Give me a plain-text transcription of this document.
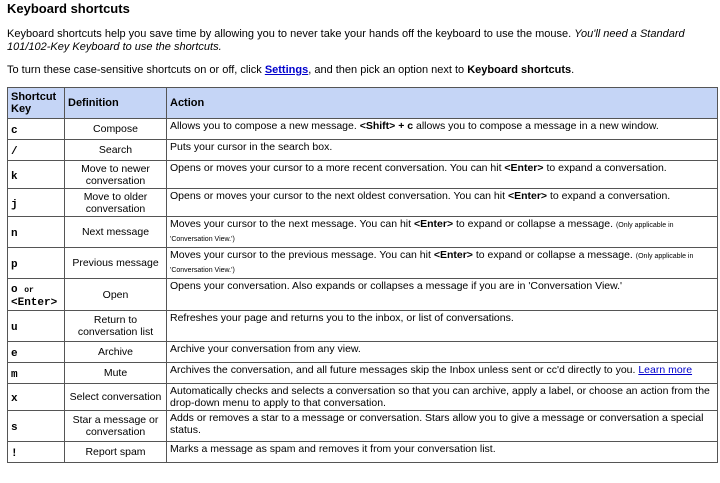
Keyboard shortcuts
Keyboard shortcuts help you save time by allowing you to never take your hands off the keyboard to use the mouse. You'll need a Standard 101/102-Key Keyboard to use the shortcuts.
To turn these case-sensitive shortcuts on or off, click Settings, and then pick an option next to Keyboard shortcuts.
Shortcut Key	Definition	Action
c	Compose	Allows you to compose a new message. <Shift> + c allows you to compose a message in a new window.
/	Search	Puts your cursor in the search box.
k	Move to newer conversation	Opens or moves your cursor to a more recent conversation. You can hit <Enter> to expand a conversation.
j	Move to older conversation	Opens or moves your cursor to the next oldest conversation. You can hit <Enter> to expand a conversation.
n	Next message	Moves your cursor to the next message. You can hit <Enter> to expand or collapse a message. (Only applicable in 'Conversation View.')
p	Previous message	Moves your cursor to the previous message. You can hit <Enter> to expand or collapse a message. (Only applicable in 'Conversation View.')
o or
<Enter>	Open	Opens your conversation. Also expands or collapses a message if you are in 'Conversation View.'
u	Return to conversation list	Refreshes your page and returns you to the inbox, or list of conversations.
e	Archive	Archive your conversation from any view.
m	Mute	Archives the conversation, and all future messages skip the Inbox unless sent or cc'd directly to you. Learn more
x	Select conversation	Automatically checks and selects a conversation so that you can archive, apply a label, or choose an action from the drop-down menu to apply to that conversation.
s	Star a message or conversation	Adds or removes a star to a message or conversation. Stars allow you to give a message or conversation a special status.
!	Report spam	Marks a message as spam and removes it from your conversation list.
